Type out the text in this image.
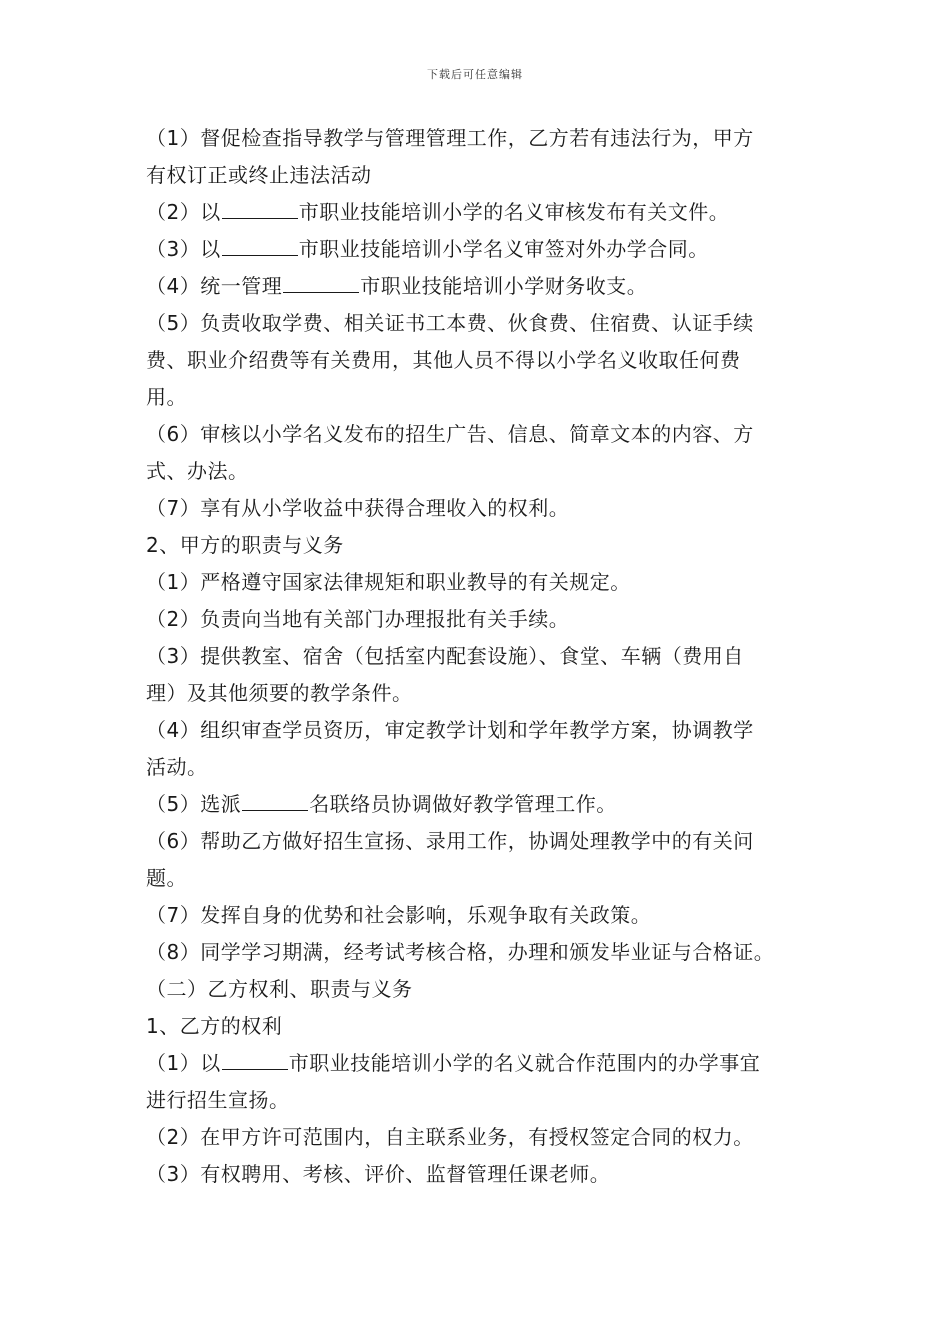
下载后可任意编辑
（1）督促检查指导教学与管理管理工作，乙方若有违法行为，甲方
有权订正或终止违法活动
（2）以	市职业技能培训小学的名义审核发布有关文件。
（3）以	市职业技能培训小学名义审签对外办学合同。
（4）统一管理	市职业技能培训小学财务收支。
（5）负责收取学费、相关证书工本费、伙食费、住宿费、认证手续
费、职业介绍费等有关费用，其他人员不得以小学名义收取任何费
用。
（6）审核以小学名义发布的招生广告、信息、简章文本的内容、方
式、办法。
（7）享有从小学收益中获得合理收入的权利。
2、甲方的职责与义务
（1）严格遵守国家法律规矩和职业教导的有关规定。
（2）负责向当地有关部门办理报批有关手续。
（3）提供教室、宿舍（包括室内配套设施）、食堂、车辆（费用自
理）及其他须要的教学条件。
（4）组织审查学员资历，审定教学计划和学年教学方案，协调教学
活动。
（5）选派	名联络员协调做好教学管理工作。
（6）帮助乙方做好招生宣扬、录用工作，协调处理教学中的有关问
题。
（7）发挥自身的优势和社会影响，乐观争取有关政策。
（8）同学学习期满，经考试考核合格，办理和颁发毕业证与合格证。
（二）乙方权利、职责与义务
1、乙方的权利
（1）以	市职业技能培训小学的名义就合作范围内的办学事宜
进行招生宣扬。
（2）在甲方许可范围内，自主联系业务，有授权签定合同的权力。
（3）有权聘用、考核、评价、监督管理任课老师。
